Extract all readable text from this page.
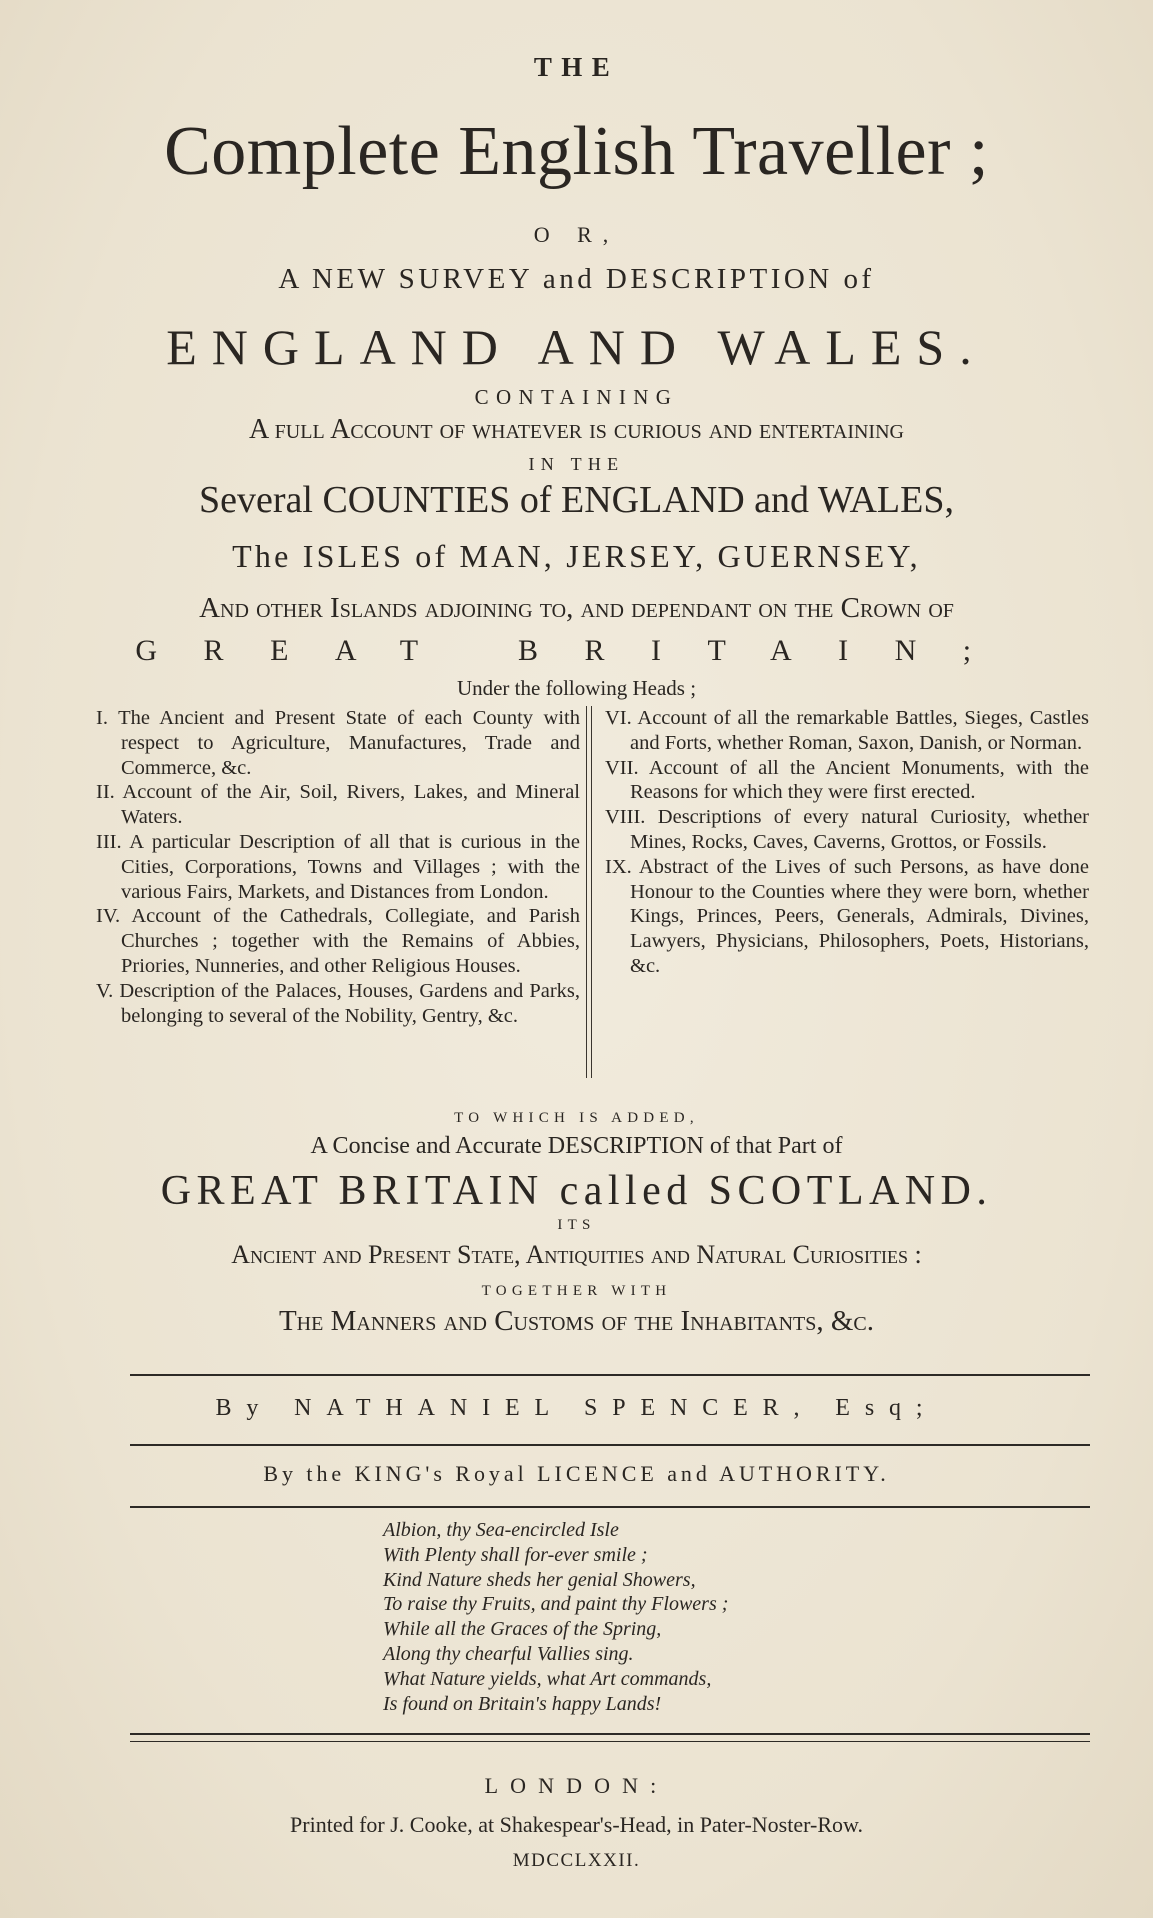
THE
Complete English Traveller ;
O R,
A NEW SURVEY and DESCRIPTION of
ENGLAND AND WALES.
CONTAINING
A full Account of whatever is curious and entertaining
IN THE
Several COUNTIES of ENGLAND and WALES,
The ISLES of MAN, JERSEY, GUERNSEY,
And other Islands adjoining to, and dependant on the Crown of
GREAT BRITAIN;
Under the following Heads ;

I. The Ancient and Present State of each County with respect to Agriculture, Manufactures, Trade and Commerce, &c.

II. Account of the Air, Soil, Rivers, Lakes, and Mineral Waters.

III. A particular Description of all that is curious in the Cities, Corporations, Towns and Villages ; with the various Fairs, Markets, and Distances from London.

IV. Account of the Cathedrals, Collegiate, and Parish Churches ; together with the Remains of Abbies, Priories, Nunneries, and other Religious Houses.

V. Description of the Palaces, Houses, Gardens and Parks, belonging to several of the Nobility, Gentry, &c.

VI. Account of all the remarkable Battles, Sieges, Castles and Forts, whether Roman, Saxon, Danish, or Norman.

VII. Account of all the Ancient Monuments, with the Reasons for which they were first erected.

VIII. Descriptions of every natural Curiosity, whether Mines, Rocks, Caves, Caverns, Grottos, or Fossils.

IX. Abstract of the Lives of such Persons, as have done Honour to the Counties where they were born, whether Kings, Princes, Peers, Generals, Admirals, Divines, Lawyers, Physicians, Philosophers, Poets, Historians, &c.

TO WHICH IS ADDED,
A Concise and Accurate DESCRIPTION of that Part of
GREAT BRITAIN called SCOTLAND.
ITS
Ancient and Present State, Antiquities and Natural Curiosities :
TOGETHER WITH
The Manners and Customs of the Inhabitants, &c.
By NATHANIEL SPENCER, Esq;
By the KING's Royal LICENCE and AUTHORITY.
Albion, thy Sea-encircled Isle
With Plenty shall for-ever smile ;
Kind Nature sheds her genial Showers,
To raise thy Fruits, and paint thy Flowers ;
While all the Graces of the Spring,
Along thy chearful Vallies sing.
What Nature yields, what Art commands,
Is found on Britain's happy Lands!
LONDON:
Printed for J. Cooke, at Shakespear's-Head, in Pater-Noster-Row.
MDCCLXXII.
